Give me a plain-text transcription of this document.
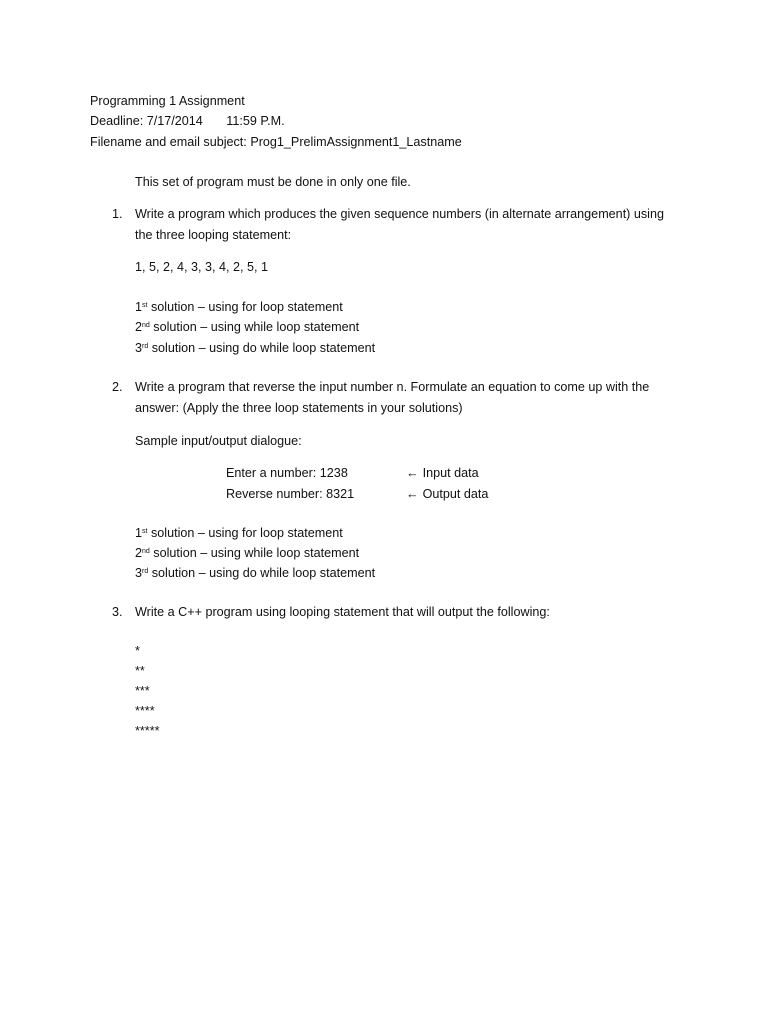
Programming 1 Assignment
Deadline: 7/17/2014 11:59 P.M.
Filename and email subject: Prog1_PrelimAssignment1_Lastname
This set of program must be done in only one file.
1. Write a program which produces the given sequence numbers (in alternate arrangement) using
the three looping statement:
1, 5, 2, 4, 3, 3, 4, 2, 5, 1
1st solution – using for loop statement
2nd solution – using while loop statement
3rd solution – using do while loop statement
2. Write a program that reverse the input number n. Formulate an equation to come up with the
answer: (Apply the three loop statements in your solutions)
Sample input/output dialogue:
Enter a number: 1238	← Input data
Reverse number: 8321	← Output data
1st solution – using for loop statement
2nd solution – using while loop statement
3rd solution – using do while loop statement
3. Write a C++ program using looping statement that will output the following:
*
**
***
****
*****
